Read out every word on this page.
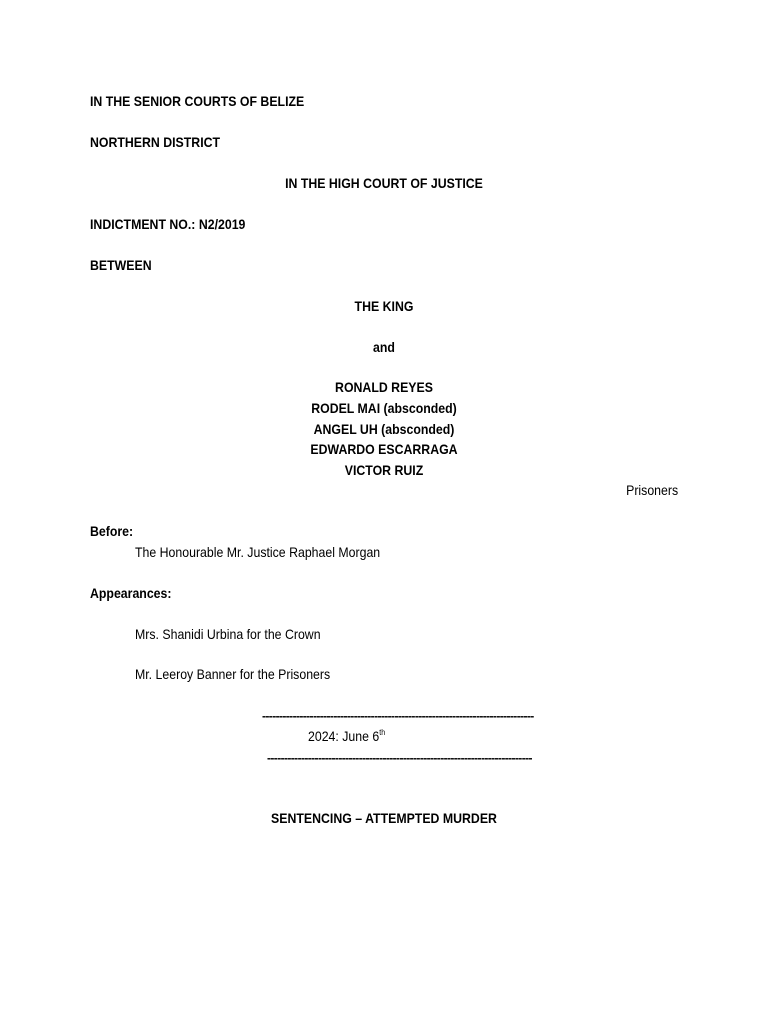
IN THE SENIOR COURTS OF BELIZE
NORTHERN DISTRICT
IN THE HIGH COURT OF JUSTICE
INDICTMENT NO.: N2/2019
BETWEEN
THE KING
and
RONALD REYES
RODEL MAI (absconded)
ANGEL UH (absconded)
EDWARDO ESCARRAGA
VICTOR RUIZ
Prisoners
Before:
The Honourable Mr. Justice Raphael Morgan
Appearances:
Mrs. Shanidi Urbina for the Crown
Mr. Leeroy Banner for the Prisoners
--------------------------------------------------------------------------------
2024: June 6th
------------------------------------------------------------------------------
SENTENCING – ATTEMPTED MURDER
